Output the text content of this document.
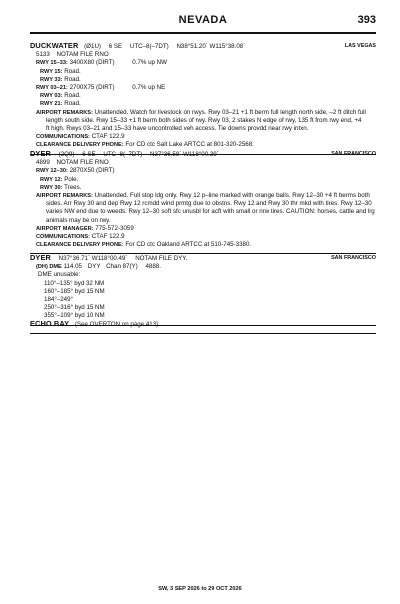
NEVADA	393
DUCKWATER (Ø1U) 6 SE UTC–8(–7DT) N38°51.20´ W115°38.08´	LAS VEGAS
5133 NOTAM FILE RNO
RWY 15–33: 3400X80 (DIRT)	0.7% up NW
RWY 15: Road.
RWY 33: Road.
RWY 03–21: 2700X75 (DIRT)	0.7% up NE
RWY 03: Road.
RWY 21: Road.
AIRPORT REMARKS: Unattended. Watch for livestock on rwys. Rwy 03–21 +1 ft berm full length north side, –2 ft ditch full
length south side. Rwy 15–33 +1 ft berm both sides of rwy. Rwy 03, 2 stakes N edge of rwy, 135 ft from rwy end, +4
ft high. Rwys 03–21 and 15–33 have uncontrolled veh access. Tie downs provdd near rwy intxn.
COMMUNICATIONS: CTAF 122.9
CLEARANCE DELIVERY PHONE: For CD ctc Salt Lake ARTCC at 801-320-2568.
DYER (2Q9) 6 SE UTC–8(–7DT) N37°36.58´ W118°00.39´	SAN FRANCISCO
4899 NOTAM FILE RNO
RWY 12–30: 2870X50 (DIRT)
RWY 12: Pole.
RWY 30: Trees.
AIRPORT REMARKS: Unattended. Full stop ldg only. Rwy 12 p–line marked with orange balls. Rwy 12–30 +4 ft berms both
sides. Arr Rwy 30 and dep Rwy 12 rcmdd wind prmtg due to obstns. Rwy 12 and Rwy 30 thr mkd with tires. Rwy 12–30
varies NW end due to weeds. Rwy 12–30 soft sfc unusbl for acft with small or nrw tires. CAUTION: horses, cattle and lrg
animals may be on rwy.
AIRPORT MANAGER: 775-572-3059
COMMUNICATIONS: CTAF 122.9
CLEARANCE DELIVERY PHONE: For CD ctc Oakland ARTCC at 510-745-3380.
DYER N37°36.71´ W118°00.49´ NOTAM FILE DYY.	SAN FRANCISCO
(DH) DME 114.05 DYY Chan 87(Y) 4888.
DME unusable:
110°–135° byd 32 NM
160°–185° byd 15 NM
184°–249°
250°–316° byd 15 NM
355°–109° byd 10 NM
ECHO BAY (See OVERTON on page 413)
SW, 3 SEP 2026 to 29 OCT 2026
